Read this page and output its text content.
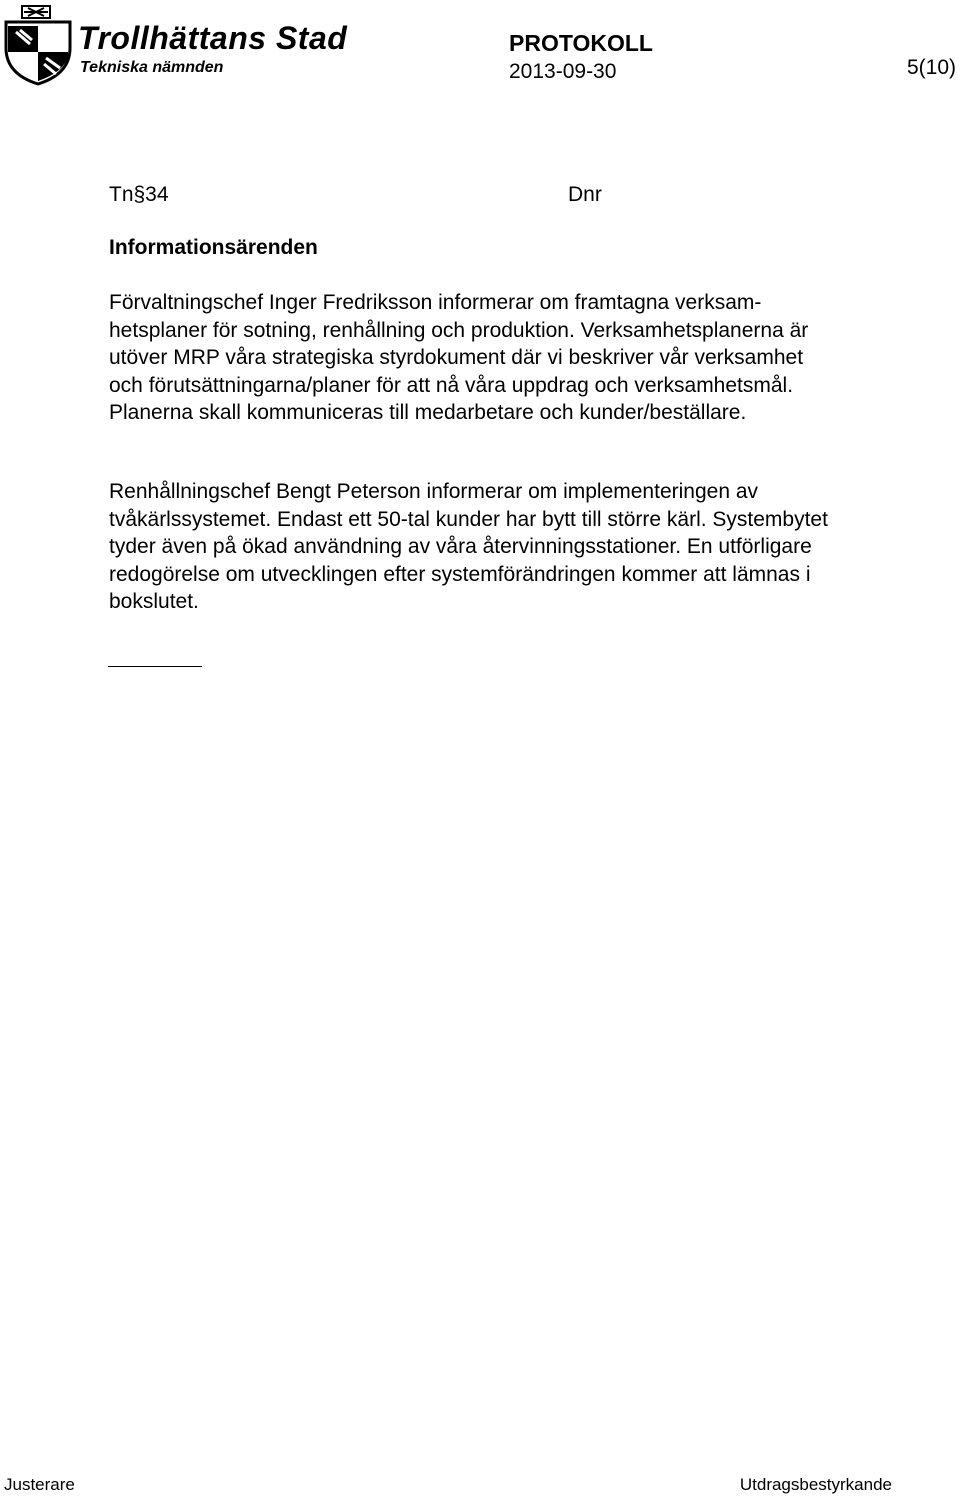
Trollhättans Stad
Tekniska nämnden
PROTOKOLL
2013-09-30	5(10)
Tn§34	Dnr
Informationsärenden
Förvaltningschef Inger Fredriksson informerar om framtagna verksam-
hetsplaner för sotning, renhållning och produktion. Verksamhetsplanerna är
utöver MRP våra strategiska styrdokument där vi beskriver vår verksamhet
och förutsättningarna/planer för att nå våra uppdrag och verksamhetsmål.
Planerna skall kommuniceras till medarbetare och kunder/beställare.
Renhållningschef Bengt Peterson informerar om implementeringen av
tvåkärlssystemet. Endast ett 50-tal kunder har bytt till större kärl. Systembytet
tyder även på ökad användning av våra återvinningsstationer. En utförligare
redogörelse om utvecklingen efter systemförändringen kommer att lämnas i
bokslutet.
Justerare	Utdragsbestyrkande
